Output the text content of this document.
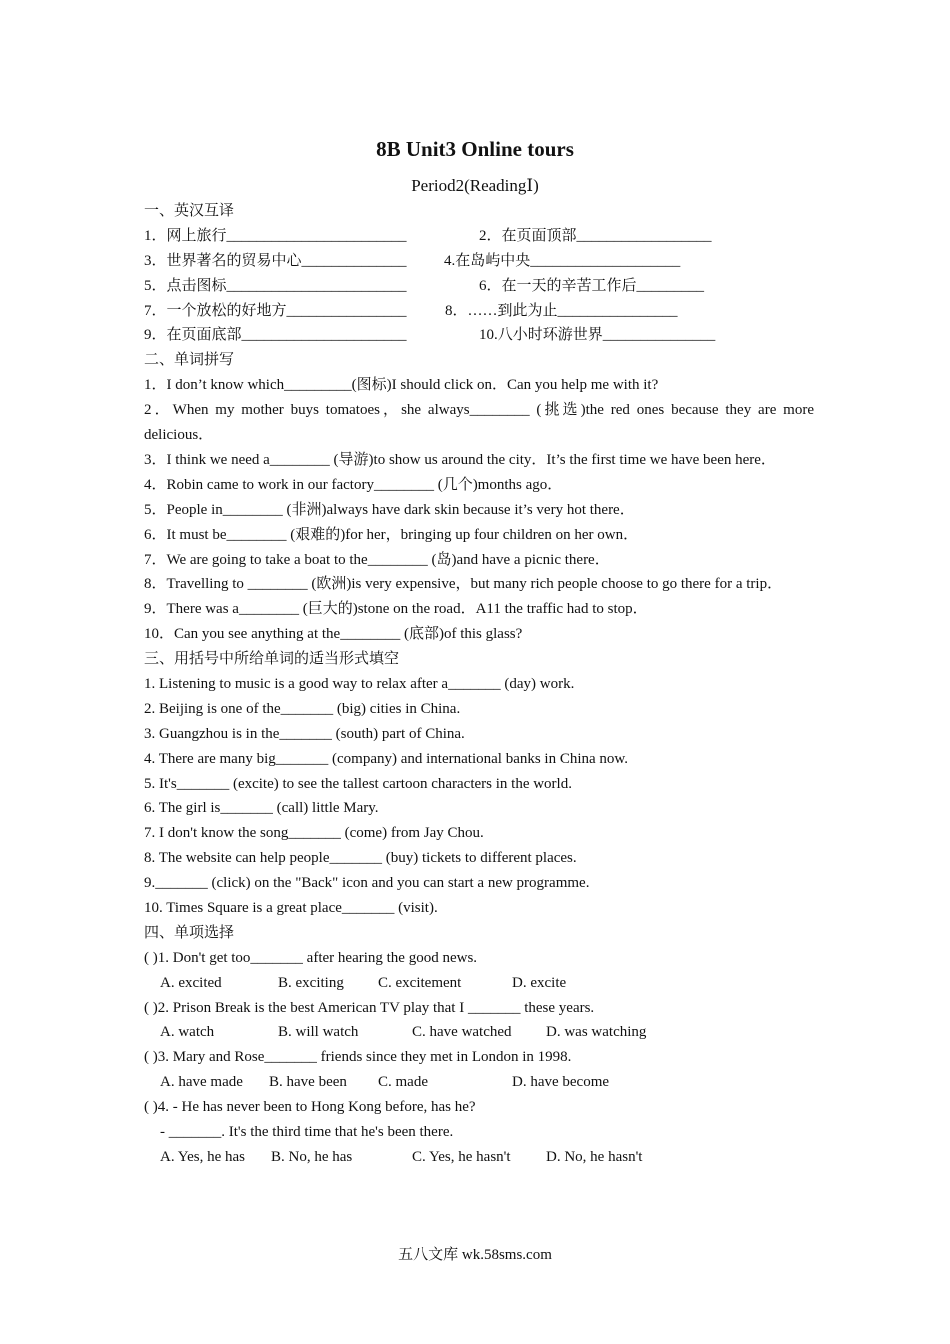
8B Unit3 Online tours
Period2(ReadingⅠ)
一、英汉互译
1．网上旅行________________________	2．在页面顶部__________________
3．世界著名的贸易中心______________ 4.在岛屿中央____________________
5．点击图标________________________	6．在一天的辛苦工作后_________
7．一个放松的好地方________________	8．……到此为止________________
9．在页面底部______________________	10.八小时环游世界_______________
二、单词拼写
1．I don’t know which_________(图标)I should click on．Can you help me with it?
2．When my mother buys tomatoes，she always________ (挑选)the red ones because they are more delicious．
3．I think we need a________ (导游)to show us around the city．It’s the first time we have been here．
4．Robin came to work in our factory________ (几个)months ago．
5．People in________ (非洲)always have dark skin because it’s very hot there．
6．It must be________ (艰难的)for her，bringing up four children on her own．
7．We are going to take a boat to the________ (岛)and have a picnic there．
8．Travelling to ________ (欧洲)is very expensive，but many rich people choose to go there for a trip．
9．There was a________ (巨大的)stone on the road．A11 the traffic had to stop．
10．Can you see anything at the________ (底部)of this glass?
三、用括号中所给单词的适当形式填空
1. Listening to music is a good way to relax after a_______ (day) work.
2. Beijing is one of the_______ (big) cities in China.
3. Guangzhou is in the_______ (south) part of China.
4. There are many big_______ (company) and international banks in China now.
5. It's_______ (excite) to see the tallest cartoon characters in the world.
6. The girl is_______ (call) little Mary.
7. I don't know the song_______ (come) from Jay Chou.
8. The website can help people_______ (buy) tickets to different places.
9._______ (click) on the "Back" icon and you can start a new programme.
10. Times Square is a great place_______ (visit).
四、单项选择
( )1. Don't get too_______ after hearing the good news.
A. excited	B. exciting C. excitement	D. excite
( )2. Prison Break is the best American TV play that I _______ these years.
A. watch	B. will watch	C. have watched D. was watching
( )3. Mary and Rose_______ friends since they met in London in 1998.
A. have made B. have been C. made	D. have become
( )4. - He has never been to Hong Kong before, has he?
- _______. It's the third time that he's been there.
A. Yes, he has B. No, he has	C. Yes, he hasn't D. No, he hasn't
五八文库 wk.58sms.com
